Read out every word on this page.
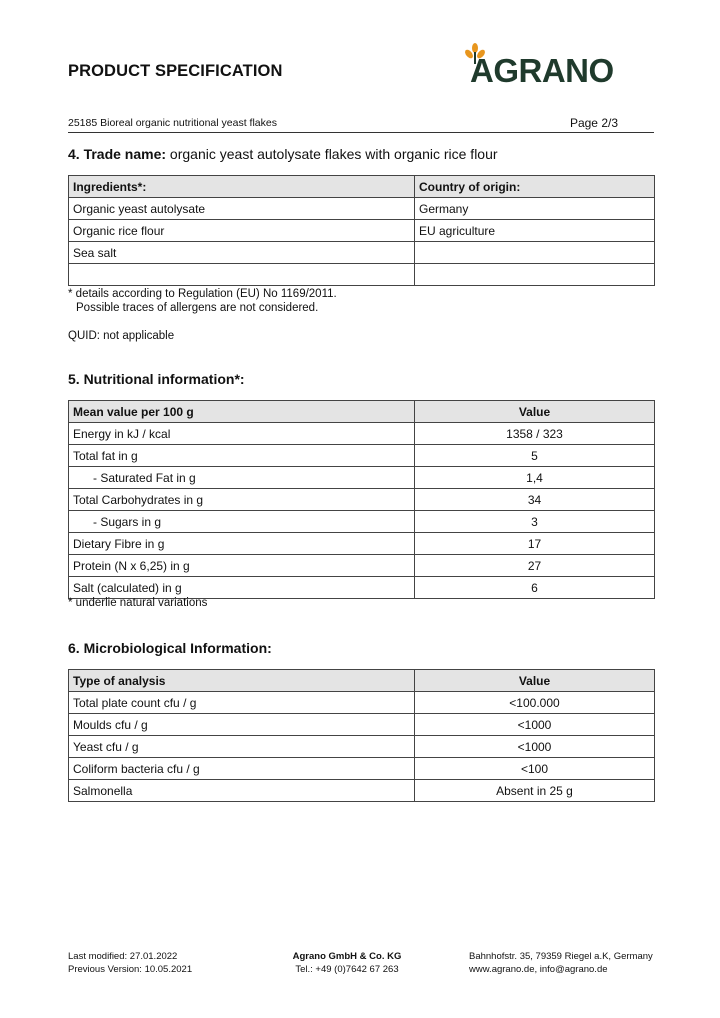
PRODUCT SPECIFICATION	AGRANO
25185 Bioreal organic nutritional yeast flakes	Page 2/3
4. Trade name: organic yeast autolysate flakes with organic rice flour
Ingredients*:	Country of origin:
Organic yeast autolysate	Germany
Organic rice flour	EU agriculture
Sea salt	

* details according to Regulation (EU) No 1169/2011.
Possible traces of allergens are not considered.
QUID: not applicable
5. Nutritional information*:
Mean value per 100 g	Value
Energy in kJ / kcal	1358 / 323
Total fat in g	5
- Saturated Fat in g	1,4
Total Carbohydrates in g	34
- Sugars in g	3
Dietary Fibre in g	17
Protein (N x 6,25) in g	27
Salt (calculated) in g	6
* underlie natural variations
6. Microbiological Information:
Type of analysis	Value
Total plate count cfu / g	<100.000
Moulds cfu / g	<1000
Yeast cfu / g	<1000
Coliform bacteria cfu / g	<100
Salmonella	Absent in 25 g
Last modified: 27.01.2022
Previous Version: 10.05.2021
Agrano GmbH & Co. KG
Tel.: +49 (0)7642 67 263
Bahnhofstr. 35, 79359 Riegel a.K, Germany
www.agrano.de, info@agrano.de
